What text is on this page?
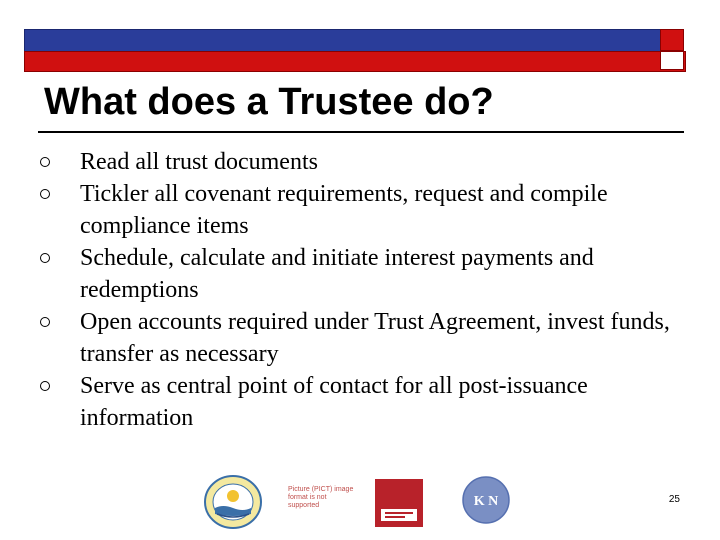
What does a Trustee do?
Read all trust documents
Tickler all covenant requirements, request and compile compliance items
Schedule, calculate and initiate interest payments and redemptions
Open accounts required under Trust Agreement, invest funds, transfer as necessary
Serve as central point of contact for all post-issuance information
Picture (PICT) image format is not supported	K N	25
